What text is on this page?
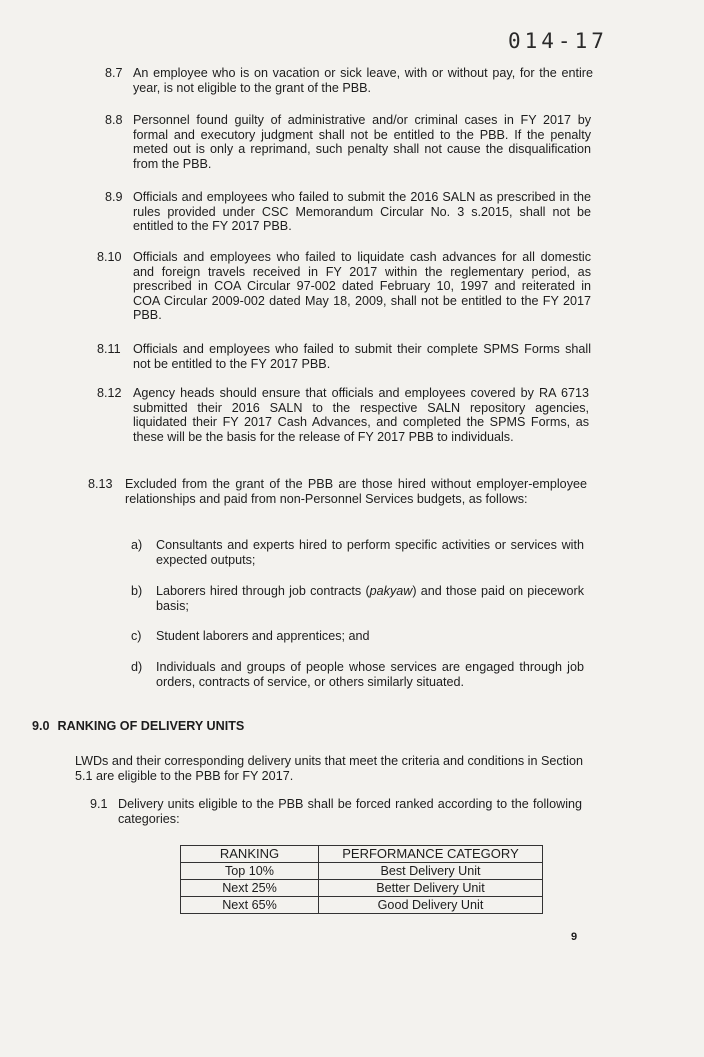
014-17
8.7 An employee who is on vacation or sick leave, with or without pay, for the entire year, is not eligible to the grant of the PBB.
8.8 Personnel found guilty of administrative and/or criminal cases in FY 2017 by formal and executory judgment shall not be entitled to the PBB. If the penalty meted out is only a reprimand, such penalty shall not cause the disqualification from the PBB.
8.9 Officials and employees who failed to submit the 2016 SALN as prescribed in the rules provided under CSC Memorandum Circular No. 3 s.2015, shall not be entitled to the FY 2017 PBB.
8.10 Officials and employees who failed to liquidate cash advances for all domestic and foreign travels received in FY 2017 within the reglementary period, as prescribed in COA Circular 97-002 dated February 10, 1997 and reiterated in COA Circular 2009-002 dated May 18, 2009, shall not be entitled to the FY 2017 PBB.
8.11 Officials and employees who failed to submit their complete SPMS Forms shall not be entitled to the FY 2017 PBB.
8.12 Agency heads should ensure that officials and employees covered by RA 6713 submitted their 2016 SALN to the respective SALN repository agencies, liquidated their FY 2017 Cash Advances, and completed the SPMS Forms, as these will be the basis for the release of FY 2017 PBB to individuals.
8.13 Excluded from the grant of the PBB are those hired without employer-employee relationships and paid from non-Personnel Services budgets, as follows:
a) Consultants and experts hired to perform specific activities or services with expected outputs;
b) Laborers hired through job contracts (pakyaw) and those paid on piecework basis;
c) Student laborers and apprentices; and
d) Individuals and groups of people whose services are engaged through job orders, contracts of service, or others similarly situated.
9.0 RANKING OF DELIVERY UNITS
LWDs and their corresponding delivery units that meet the criteria and conditions in Section 5.1 are eligible to the PBB for FY 2017.
9.1 Delivery units eligible to the PBB shall be forced ranked according to the following categories:
RANKING	PERFORMANCE CATEGORY
Top 10%	Best Delivery Unit
Next 25%	Better Delivery Unit
Next 65%	Good Delivery Unit
9
